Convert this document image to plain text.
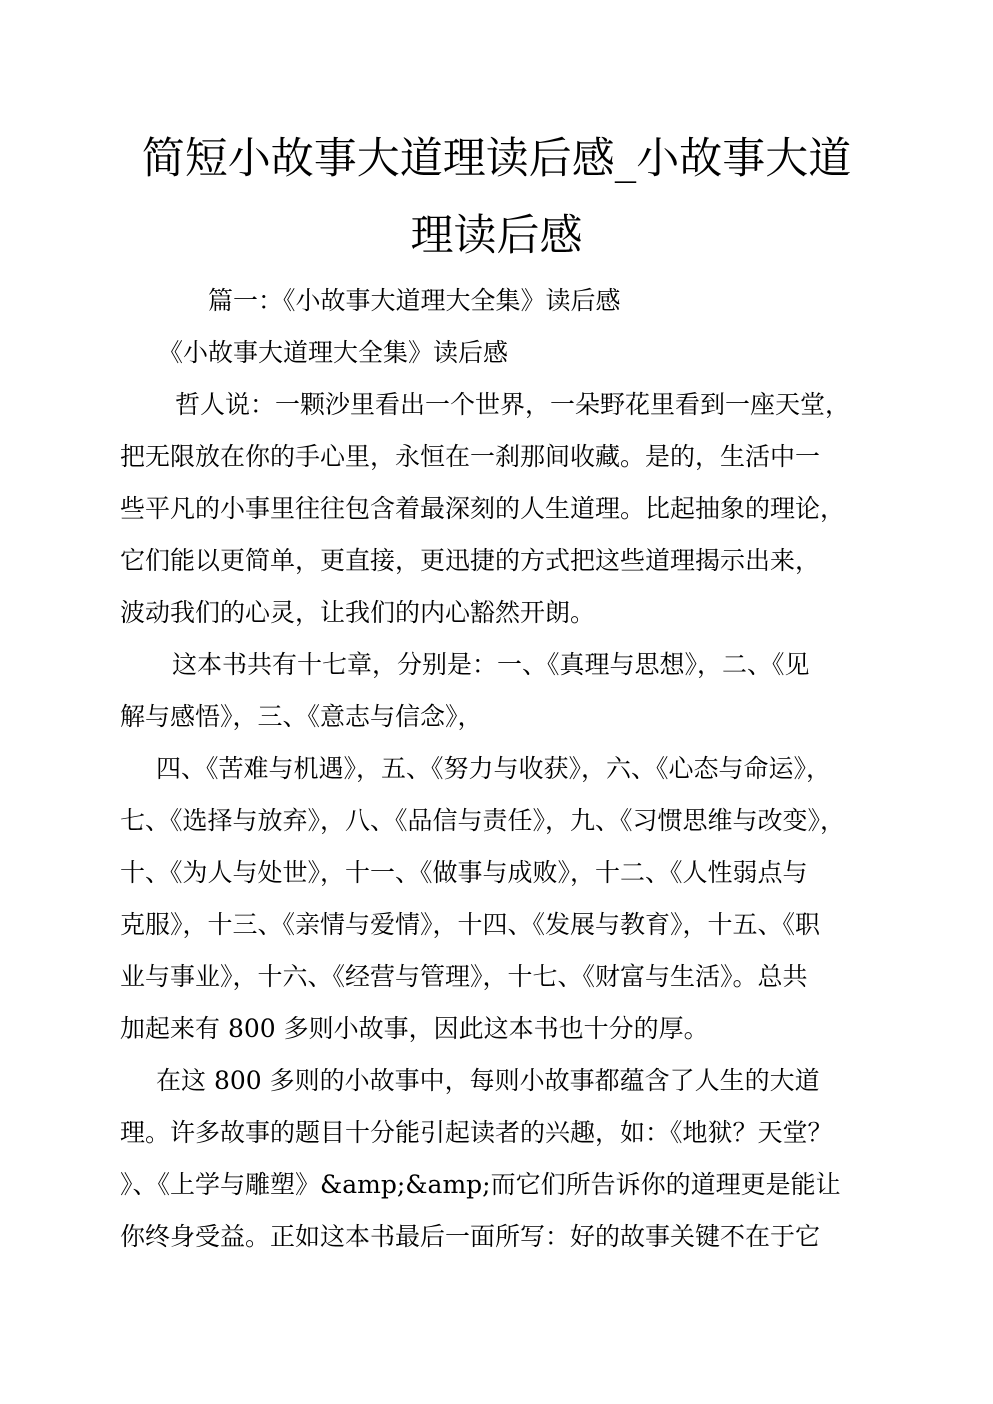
简短小故事大道理读后感_小故事大道
理读后感

篇一：《小故事大道理大全集》读后感

《小故事大道理大全集》读后感

哲人说：一颗沙里看出一个世界，一朵野花里看到一座天堂，

把无限放在你的手心里，永恒在一刹那间收藏。是的，生活中一

些平凡的小事里往往包含着最深刻的人生道理。比起抽象的理论，

它们能以更简单，更直接，更迅捷的方式把这些道理揭示出来，

波动我们的心灵，让我们的内心豁然开朗。

这本书共有十七章，分别是：一、《真理与思想》，二、《见

解与感悟》，三、《意志与信念》，

四、《苦难与机遇》，五、《努力与收获》，六、《心态与命运》，

七、《选择与放弃》，八、《品信与责任》，九、《习惯思维与改变》，

十、《为人与处世》，十一、《做事与成败》，十二、《人性弱点与

克服》，十三、《亲情与爱情》，十四、《发展与教育》，十五、《职

业与事业》，十六、《经营与管理》，十七、《财富与生活》。总共

加起来有 800 多则小故事，因此这本书也十分的厚。

在这 800 多则的小故事中，每则小故事都蕴含了人生的大道

理。许多故事的题目十分能引起读者的兴趣，如：《地狱？天堂？

》、《上学与雕塑》&amp;&amp;而它们所告诉你的道理更是能让

你终身受益。正如这本书最后一面所写：好的故事关键不在于它
